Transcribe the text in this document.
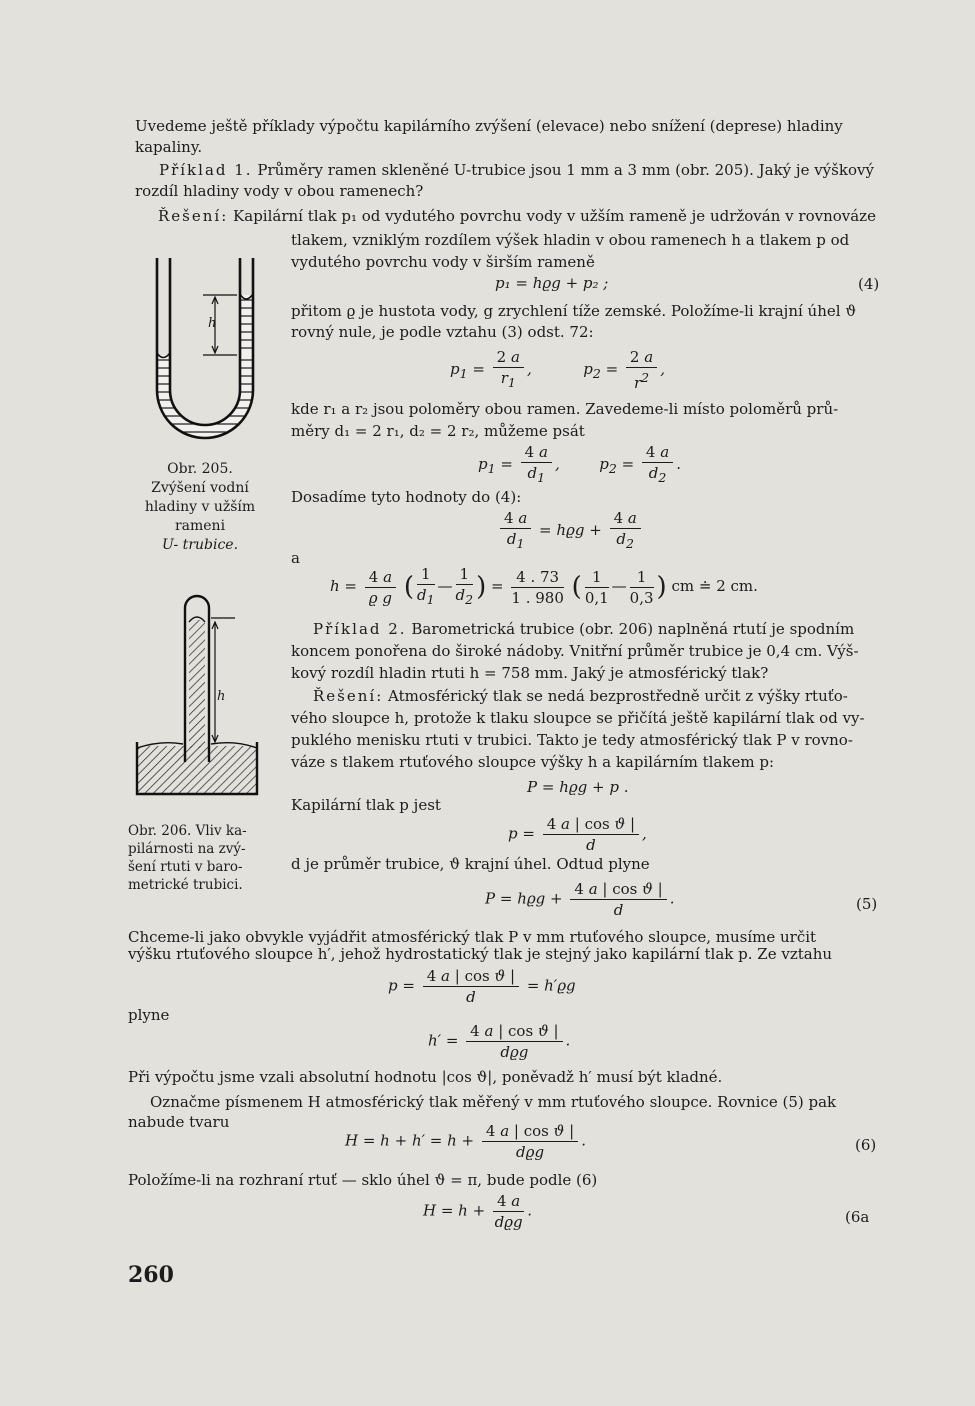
Uvedeme ještě příklady výpočtu kapilárního zvýšení (elevace) nebo snížení (deprese) hladiny kapaliny.
Příklad 1. Průměry ramen skleněné U-trubice jsou 1 mm a 3 mm (obr. 205). Jaký je výškový rozdíl hladiny vody v obou ramenech?
Řešení: Kapilární tlak p₁ od vydutého povrchu vody v užším rameně je udržován v rovnováze
tlakem, vzniklým rozdílem výšek hladin v obou ramenech h a tlakem p od
vydutého povrchu vody v širším rameně
p₁ = hϱg + p₂ ;	(4)
přitom ϱ je hustota vody, g zrychlení tíže zemské. Položíme-li krajní úhel ϑ
rovný nule, je podle vztahu (3) odst. 72:
$p_1 = \frac{2 a}{r_1}$ ,	$p_2 = \frac{2 a}{r^2}$ ,
kde r₁ a r₂ jsou poloměry obou ramen. Zavedeme-li místo poloměrů prů-
měry d₁ = 2 r₁, d₂ = 2 r₂, můžeme psát
$p_1 = \frac{4 a}{d_1}$ ,  $p_2 = \frac{4 a}{d_2}$ .
Dosadíme tyto hodnoty do (4):
$\frac{4 a}{d_1} = hϱg + \frac{4 a}{d_2}$
a
$h = \frac{4 a}{\text{ϱ g}}$ ( $\frac{1}{d_1}$ — $\frac{1}{d_2}$ ) = $\frac{4 . 73}{1 . 980}$ ( $\frac{1}{0,1}$ — $\frac{1}{0,3}$ ) cm ≐ 2 cm.
Příklad 2. Barometrická trubice (obr. 206) naplněná rtutí je spodním
koncem ponořena do široké nádoby. Vnitřní průměr trubice je 0,4 cm. Výš-
kový rozdíl hladin rtuti h = 758 mm. Jaký je atmosférický tlak?
Řešení: Atmosférický tlak se nedá bezprostředně určit z výšky rtuťo-
vého sloupce h, protože k tlaku sloupce se přičítá ještě kapilární tlak od vy-
puklého menisku rtuti v trubici. Takto je tedy atmosférický tlak P v rovno-
váze s tlakem rtuťového sloupce výšky h a kapilárním tlakem p:
P = hϱg + p .
Kapilární tlak p jest
$p = \frac{\text{4 a | cos ϑ |}}{d}$ ,
d je průměr trubice, ϑ krajní úhel. Odtud plyne
$P = hϱg + \frac{\text{4 a | cos ϑ |}}{d}$ .	(5)
Chceme-li jako obvykle vyjádřit atmosférický tlak P v mm rtuťového sloupce, musíme určit
výšku rtuťového sloupce h′, jehož hydrostatický tlak je stejný jako kapilární tlak p. Ze vztahu
$p = \frac{\text{4 a | cos ϑ |}}{d} = h'ϱg$
plyne
$h' = \frac{\text{4 a | cos ϑ |}}{\text{dϱg}}$ .
Při výpočtu jsme vzali absolutní hodnotu |cos ϑ|, poněvadž h′ musí být kladné.
Označme písmenem H atmosférický tlak měřený v mm rtuťového sloupce. Rovnice (5) pak
nabude tvaru
$H = h + h' = h + \frac{\text{4 a | cos ϑ |}}{\text{dϱg}}$ .	(6)
Položíme-li na rozhraní rtuť — sklo úhel ϑ = π, bude podle (6)
$H = h + \frac{4 a}{\text{dϱg}}$ .	(6a
h
Obr. 205.
Zvýšení vodní
hladiny v užším
rameni
U- trubice.
h
Obr. 206. Vliv ka-
pilárnosti na zvý-
šení rtuti v baro-
metrické trubici.
260
